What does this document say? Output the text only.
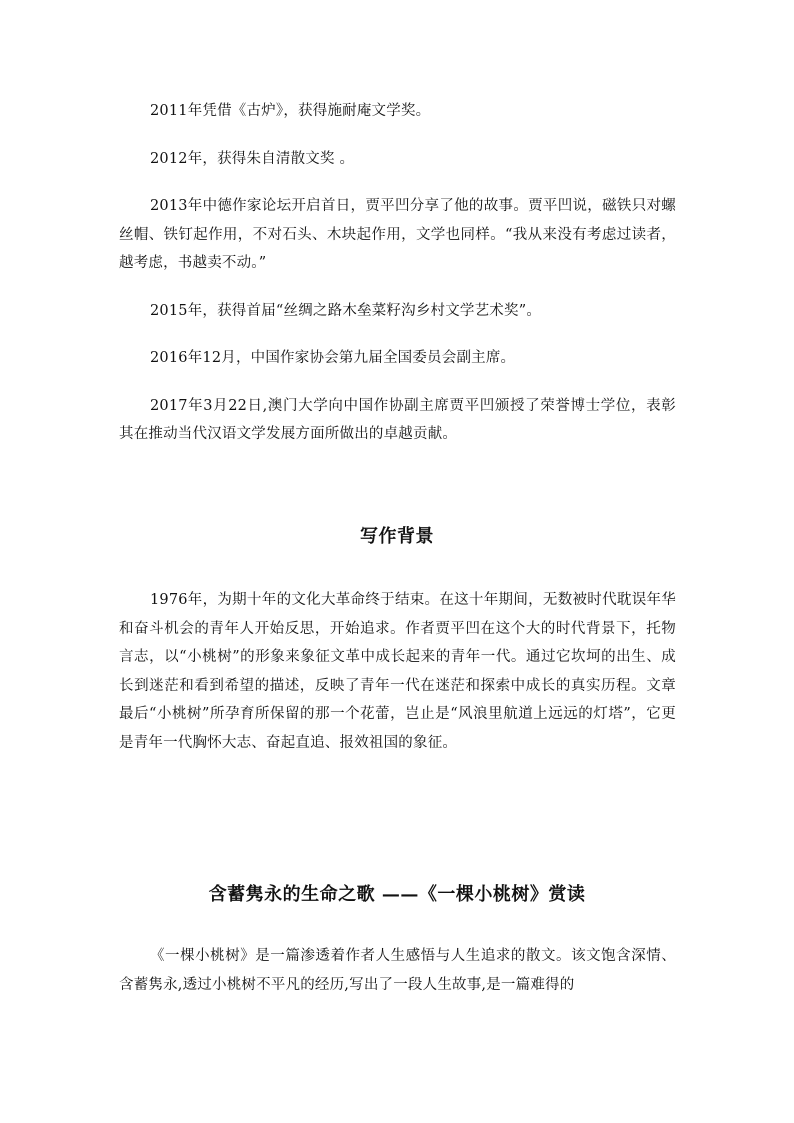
2011年凭借《古炉》，获得施耐庵文学奖。

2012年，获得朱自清散文奖 。

2013年中德作家论坛开启首日，贾平凹分享了他的故事。贾平凹说，磁铁只对螺丝帽、铁钉起作用，不对石头、木块起作用，文学也同样。“我从来没有考虑过读者，越考虑，书越卖不动。”

2015年，获得首届“丝绸之路木垒菜籽沟乡村文学艺术奖”。

2016年12月，中国作家协会第九届全国委员会副主席。

2017年3月22日,澳门大学向中国作协副主席贾平凹颁授了荣誉博士学位，表彰其在推动当代汉语文学发展方面所做出的卓越贡献。

写作背景

1976年，为期十年的文化大革命终于结束。在这十年期间，无数被时代耽误年华和奋斗机会的青年人开始反思，开始追求。作者贾平凹在这个大的时代背景下，托物言志，以“小桃树”的形象来象征文革中成长起来的青年一代。通过它坎坷的出生、成长到迷茫和看到希望的描述，反映了青年一代在迷茫和探索中成长的真实历程。文章最后“小桃树”所孕育所保留的那一个花蕾，岂止是“风浪里航道上远远的灯塔”，它更是青年一代胸怀大志、奋起直追、报效祖国的象征。

含蓄隽永的生命之歌 ——《一棵小桃树》赏读

《一棵小桃树》是一篇渗透着作者人生感悟与人生追求的散文。该文饱含深情、含蓄隽永,透过小桃树不平凡的经历,写出了一段人生故事,是一篇难得的
